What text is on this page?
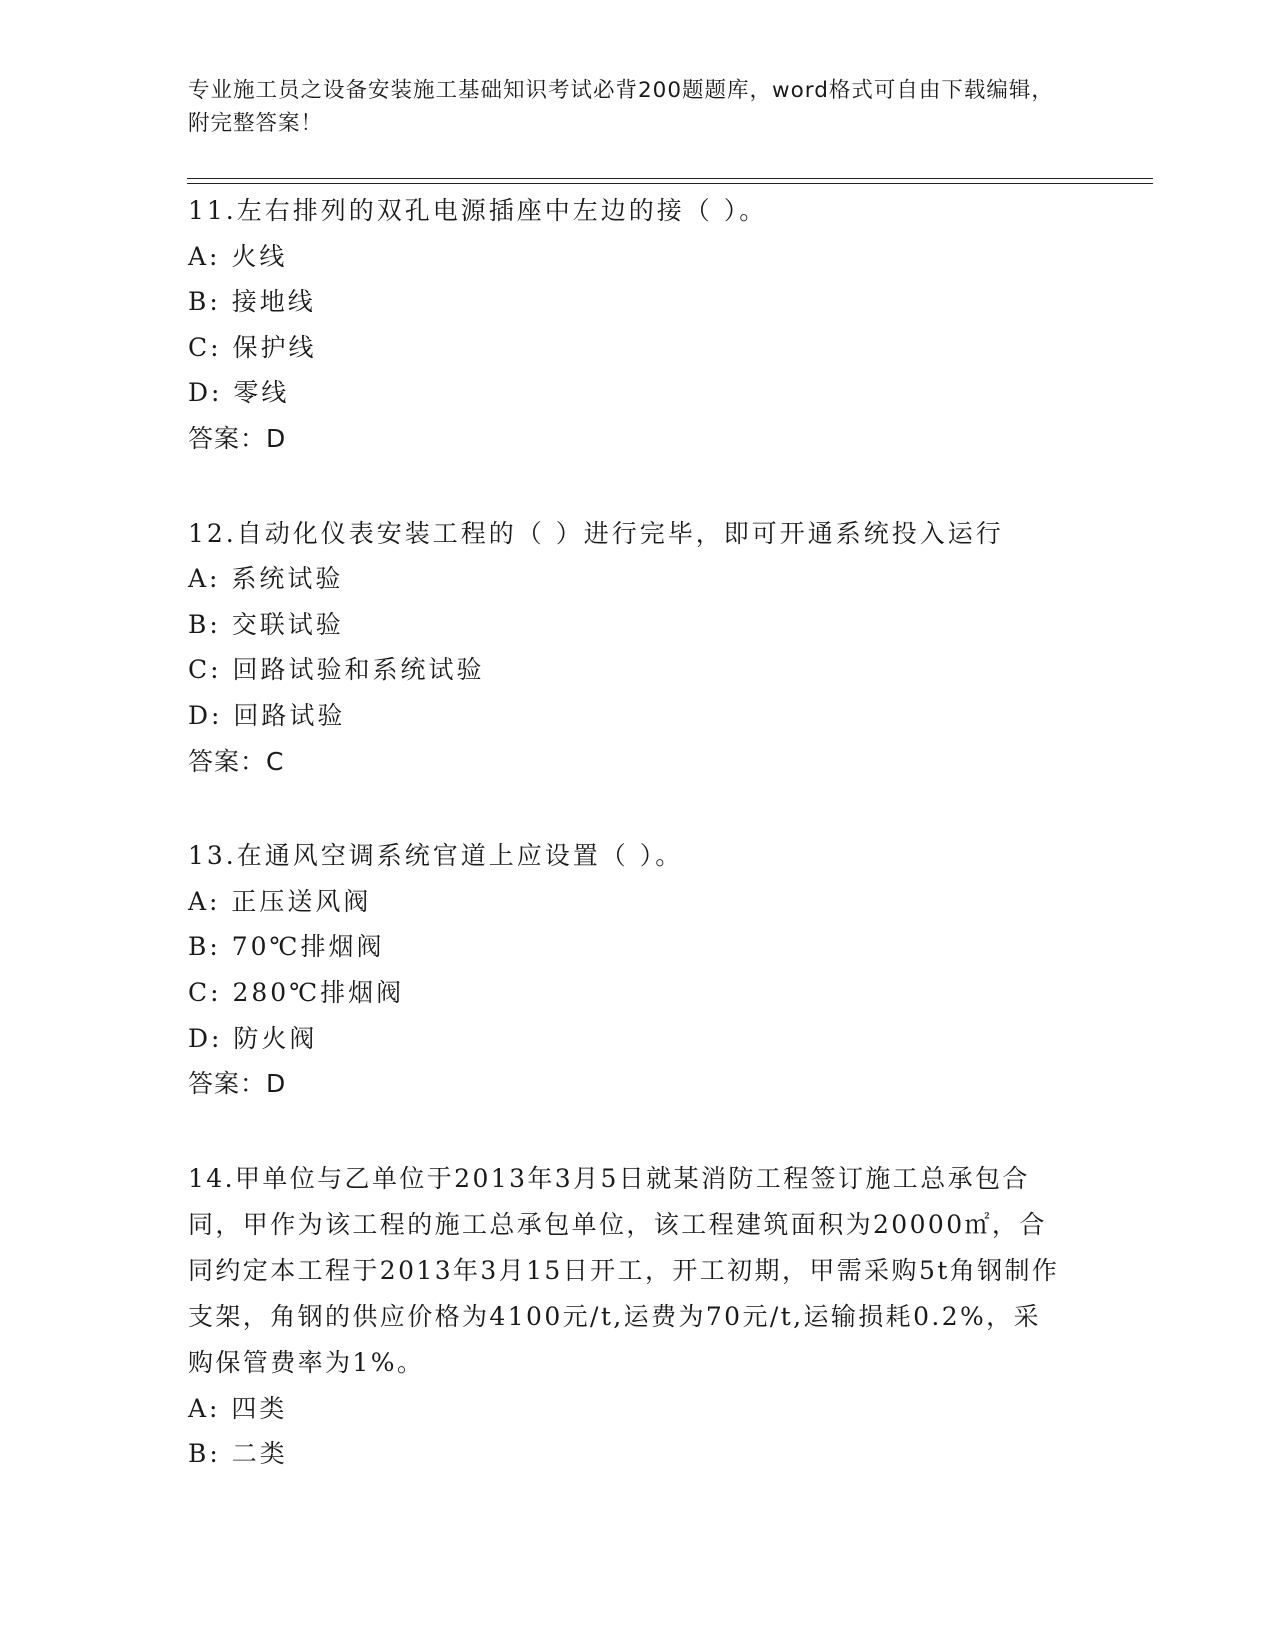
专业施工员之设备安装施工基础知识考试必背200题题库，word格式可自由下载编辑，附完整答案！
11.左右排列的双孔电源插座中左边的接（ ）。
A: 火线
B: 接地线
C: 保护线
D: 零线
答案：D
12.自动化仪表安装工程的（ ）进行完毕，即可开通系统投入运行
A: 系统试验
B: 交联试验
C: 回路试验和系统试验
D: 回路试验
答案：C
13.在通风空调系统官道上应设置（ ）。
A: 正压送风阀
B: 70℃排烟阀
C: 280℃排烟阀
D: 防火阀
答案：D
14.甲单位与乙单位于2013年3月5日就某消防工程签订施工总承包合同，甲作为该工程的施工总承包单位，该工程建筑面积为20000㎡，合同约定本工程于2013年3月15日开工，开工初期，甲需采购5t角钢制作支架，角钢的供应价格为4100元/t,运费为70元/t,运输损耗0.2%，采购保管费率为1%。
A: 四类
B: 二类
